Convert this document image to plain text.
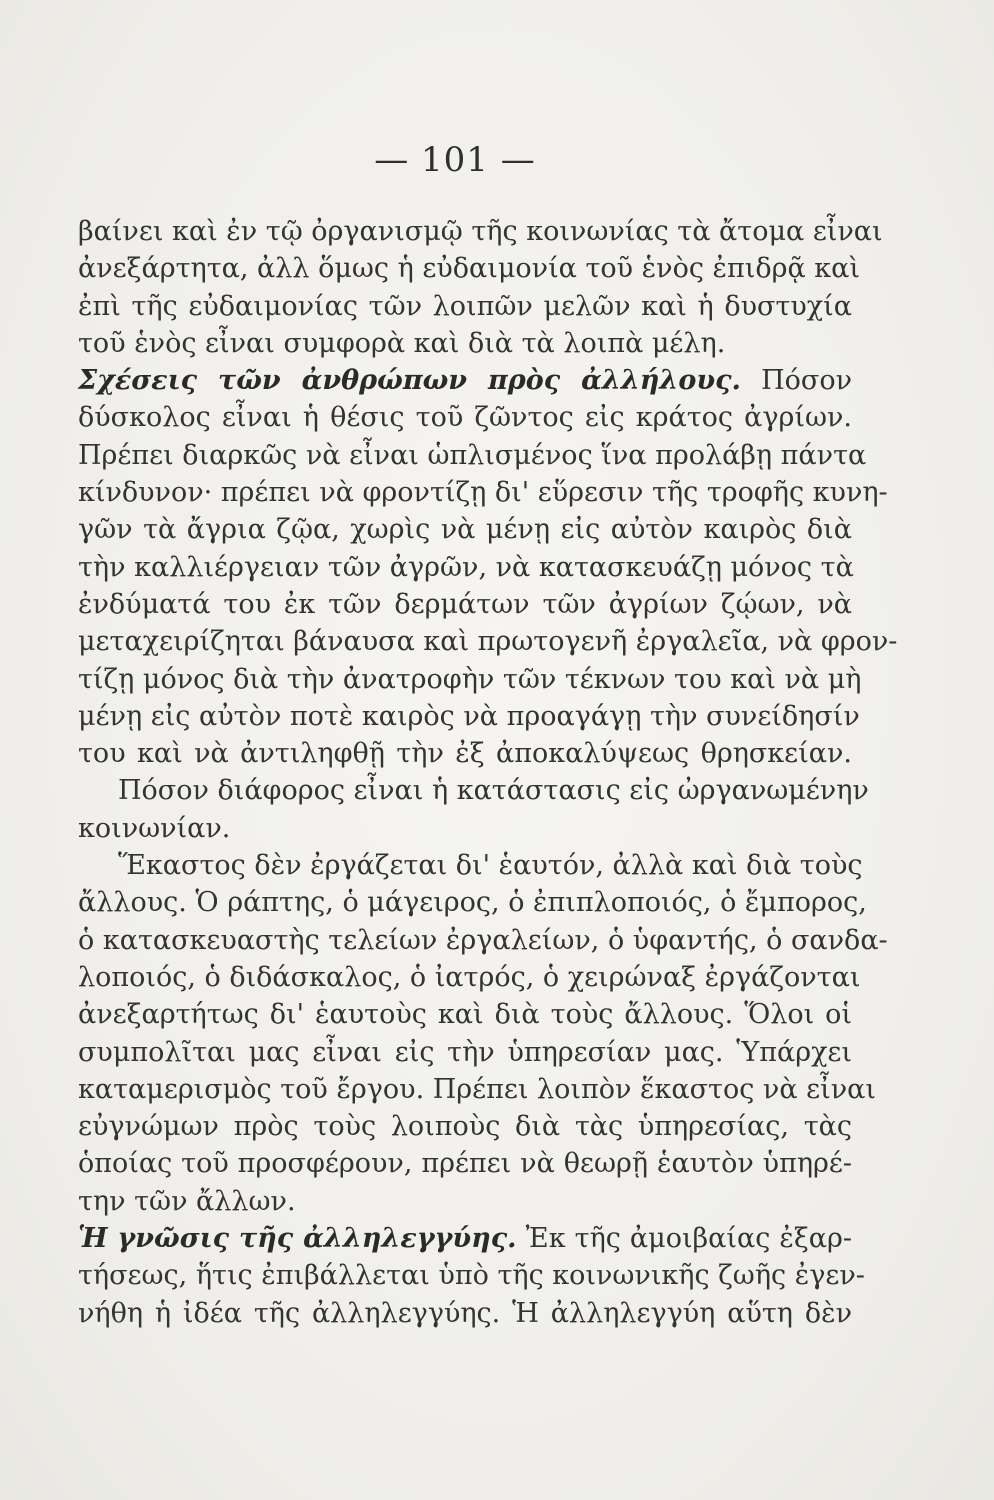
— 101 —
βαίνει καὶ ἐν τῷ ὀργανισμῷ τῆς κοινωνίας τὰ ἄτομα εἶναι
ἀνεξάρτητα, ἀλλ ὅμως ἡ εὐδαιμονία τοῦ ἑνὸς ἐπιδρᾷ καὶ
ἐπὶ τῆς εὐδαιμονίας τῶν λοιπῶν μελῶν καὶ ἡ δυστυχία
τοῦ ἑνὸς εἶναι συμφορὰ καὶ διὰ τὰ λοιπὰ μέλη.
Σχέσεις τῶν ἀνθρώπων πρὸς ἀλλήλους. Πόσον
δύσκολος εἶναι ἡ θέσις τοῦ ζῶντος εἰς κράτος ἀγρίων.
Πρέπει διαρκῶς νὰ εἶναι ὡπλισμένος ἵνα προλάβῃ πάντα
κίνδυνον· πρέπει νὰ φροντίζῃ δι' εὕρεσιν τῆς τροφῆς κυνη-
γῶν τὰ ἄγρια ζῷα, χωρὶς νὰ μένῃ εἰς αὐτὸν καιρὸς διὰ
τὴν καλλιέργειαν τῶν ἀγρῶν, νὰ κατασκευάζῃ μόνος τὰ
ἐνδύματά του ἐκ τῶν δερμάτων τῶν ἀγρίων ζῴων, νὰ
μεταχειρίζηται βάναυσα καὶ πρωτογενῆ ἐργαλεῖα, νὰ φρον-
τίζῃ μόνος διὰ τὴν ἀνατροφὴν τῶν τέκνων του καὶ νὰ μὴ
μένῃ εἰς αὐτὸν ποτὲ καιρὸς νὰ προαγάγῃ τὴν συνείδησίν
του καὶ νὰ ἀντιληφθῇ τὴν ἐξ ἀποκαλύψεως θρησκείαν.
Πόσον διάφορος εἶναι ἡ κατάστασις εἰς ὠργανωμένην
κοινωνίαν.
Ἕκαστος δὲν ἐργάζεται δι' ἑαυτόν, ἀλλὰ καὶ διὰ τοὺς
ἄλλους. Ὁ ράπτης, ὁ μάγειρος, ὁ ἐπιπλοποιός, ὁ ἔμπορος,
ὁ κατασκευαστὴς τελείων ἐργαλείων, ὁ ὑφαντής, ὁ σανδα-
λοποιός, ὁ διδάσκαλος, ὁ ἰατρός, ὁ χειρώναξ ἐργάζονται
ἀνεξαρτήτως δι' ἑαυτοὺς καὶ διὰ τοὺς ἄλλους. Ὅλοι οἱ
συμπολῖται μας εἶναι εἰς τὴν ὑπηρεσίαν μας. Ὑπάρχει
καταμερισμὸς τοῦ ἔργου. Πρέπει λοιπὸν ἕκαστος νὰ εἶναι
εὐγνώμων πρὸς τοὺς λοιποὺς διὰ τὰς ὑπηρεσίας, τὰς
ὁποίας τοῦ προσφέρουν, πρέπει νὰ θεωρῇ ἑαυτὸν ὑπηρέ-
την τῶν ἄλλων.
Ἡ γνῶσις τῆς ἀλληλεγγύης. Ἐκ τῆς ἀμοιβαίας ἐξαρ-
τήσεως, ἥτις ἐπιβάλλεται ὑπὸ τῆς κοινωνικῆς ζωῆς ἐγεν-
νήθη ἡ ἰδέα τῆς ἀλληλεγγύης. Ἡ ἀλληλεγγύη αὕτη δὲν
